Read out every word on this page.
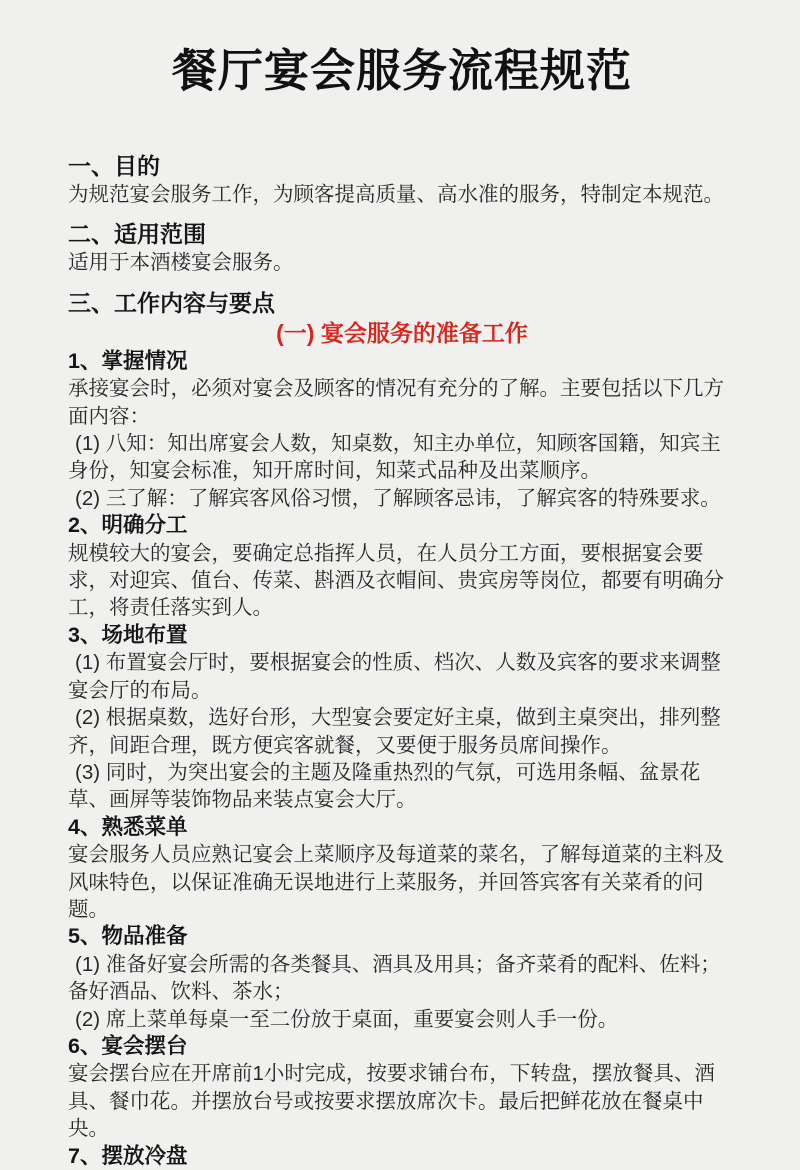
餐厅宴会服务流程规范
一、目的

为规范宴会服务工作，为顾客提高质量、高水准的服务，特制定本规范。

二、适用范围

适用于本酒楼宴会服务。

三、工作内容与要点

(一) 宴会服务的准备工作

1、掌握情况

承接宴会时，必须对宴会及顾客的情况有充分的了解。主要包括以下几方面内容：

(1) 八知：知出席宴会人数，知桌数，知主办单位，知顾客国籍，知宾主身份，知宴会标准，知开席时间，知菜式品种及出菜顺序。

(2) 三了解：了解宾客风俗习惯，了解顾客忌讳，了解宾客的特殊要求。

2、明确分工

规模较大的宴会，要确定总指挥人员，在人员分工方面，要根据宴会要求，对迎宾、值台、传菜、斟酒及衣帽间、贵宾房等岗位，都要有明确分工，将责任落实到人。

3、场地布置

(1) 布置宴会厅时，要根据宴会的性质、档次、人数及宾客的要求来调整宴会厅的布局。

(2) 根据桌数，选好台形，大型宴会要定好主桌，做到主桌突出，排列整齐，间距合理，既方便宾客就餐，又要便于服务员席间操作。

(3) 同时，为突出宴会的主题及隆重热烈的气氛，可选用条幅、盆景花草、画屏等装饰物品来装点宴会大厅。

4、熟悉菜单

宴会服务人员应熟记宴会上菜顺序及每道菜的菜名，了解每道菜的主料及风味特色，以保证准确无误地进行上菜服务，并回答宾客有关菜肴的问题。

5、物品准备

(1) 准备好宴会所需的各类餐具、酒具及用具；备齐菜肴的配料、佐料；备好酒品、饮料、茶水；

(2) 席上菜单每桌一至二份放于桌面，重要宴会则人手一份。

6、宴会摆台

宴会摆台应在开席前1小时完成，按要求铺台布，下转盘，摆放餐具、酒具、餐巾花。并摆放台号或按要求摆放席次卡。最后把鲜花放在餐桌中央。

7、摆放冷盘
